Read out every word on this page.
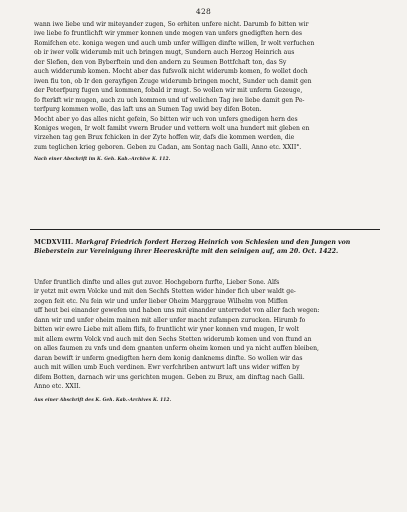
428
wann iwe liebe und wir miteyander zugen, So erhiten unfere nicht. Darumb fo bitten wir
iwe liebe fo fruntlichft wir ymmer konnen unde mogen van unfers gnedigften hern des
Romifchen etc. koniga wegen und auch umb unfer willigen dinfte willen, Ir wolt verfuchen
ob ir iwer volk widerumb mit uch bringen mugt, Sundern auch Herzog Heinrich aus
der Slefien, den von Byberftein und den andern zu Seumen Bottfchaft ton, das Sy
auch widderumb komen. Mocht aber das fufsvolk nicht widerumb komen, fo wollet doch
iwen fiu ton, ob Ir den gerayfigen Zcuge widerumb bringen mocht, Sunder uch damit gen
der Peterfpurg fugen und kommen, fobald ir mugt. So wollen wir mit unferm Gezeuge,
fo fterkft wir mugen, auch zu uch kommen und uf welichen Tag iwe liebe damit gen Pe-
terfpurg kommen wolle, das laft uns an Sumen Tag uwid bey difen Boten.
Mocht aber yo das alles nicht gefein, So bitten wir uch von unfers gnedigen hern des
Koniges wegen, Ir wolt famibt vwern Bruder und vettern wolt una hundert mit gleben en
virzehen tag gen Brux fchicken in der Zyte hoffen wir, dafs die kommen werden, die
zum teglichen krieg geboren. Geben zu Cadan, am Sontag nach Galli, Anno etc. XXII°.
Nach einer Abschrift im K. Geh. Kab.-Archive K. 112.
MCDXVIII. Markgraf Friedrich fordert Herzog Heinrich von Schlesien und den Jungen von Bieberstein zur Vereinigung ihrer Heereskräfte mit den seinigen auf, am 20. Oct. 1422.
Unfer fruntlich dinfte und alles gut zuvor. Hochgeborn furfte, Lieber Sone. Alfs
ir yetzt mit ewrn Volcke und mit den Sechfs Stetten wider hinder fich uber waldt ge-
zogen feit etc. Nu fein wir und unfer lieber Oheim Marggraue Wilhelm von Miffen
uff heut bei einander gewefen und haben uns mit einander unterredet von aller fach wegen:
dann wir und unfer oheim mainen mit aller unfer macht zufampen zurucken. Hirumb fo
bitten wir ewre Liebe mit allem flifs, fo fruntlicht wir yner konnen vnd mugen, Ir wolt
mit allem ewrm Volck vnd auch mit den Sechs Stetten widerumb komen und von ftund an
on alles faumen zu vnfs und dem gnanten unferm oheim komen und ya nicht auffen bleiben,
daran bewift ir unferm gnedigften hern dem konig danknems dinfte. So wollen wir das
auch mit willen umb Euch verdinen. Ewr verfchriben antwurt laft uns wider wiffen by
difem Botten, darnach wir uns gerichten mugen. Geben zu Brux, am dinftag nach Galli.
Anno etc. XXII.
Aus einer Abschrift des K. Geh. Kab.-Archives K. 112.
